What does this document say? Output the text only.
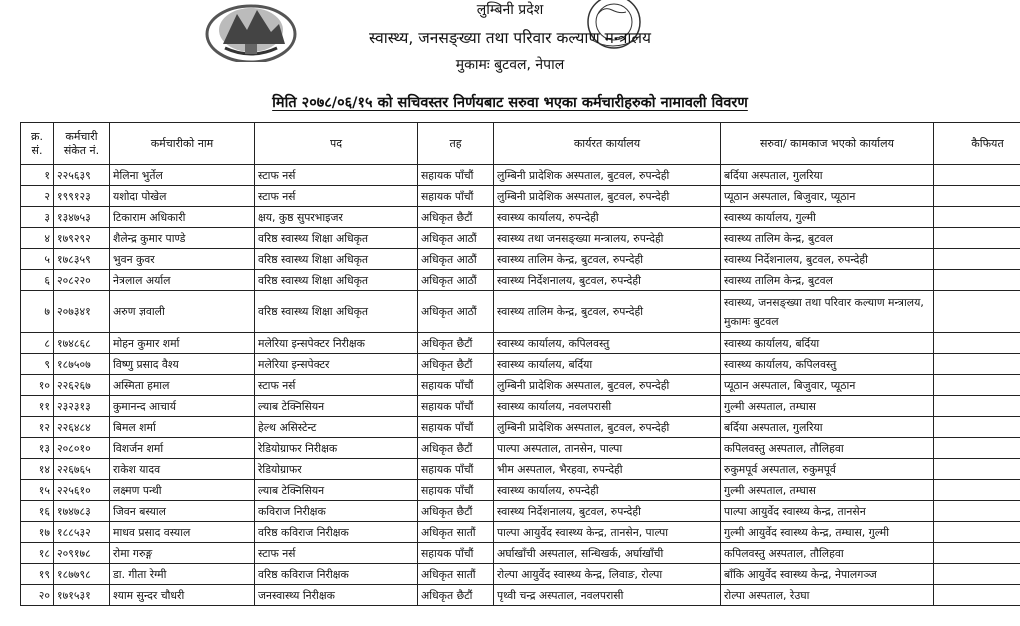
लुम्बिनी प्रदेश
स्वास्थ्य, जनसङ्ख्या तथा परिवार कल्याण मन्त्रालय
मुकामः बुटवल, नेपाल
मिति २०७८/०६/१५ को सचिवस्तर निर्णयबाट सरुवा भएका कर्मचारीहरुको नामावली विवरण
क्र. सं.	कर्मचारी संकेत नं.	कर्मचारीको नाम	पद	तह	कार्यरत कार्यालय	सरुवा/ कामकाज भएको कार्यालय	कैफियत
१	२२५६३९	मेलिना भुर्तेल	स्टाफ नर्स	सहायक पाँचौं	लुम्बिनी प्रादेशिक अस्पताल, बुटवल, रुपन्देही	बर्दिया अस्पताल, गुलरिया	
२	१९९१२३	यशोदा पोखेल	स्टाफ नर्स	सहायक पाँचौं	लुम्बिनी प्रादेशिक अस्पताल, बुटवल, रुपन्देही	प्यूठान अस्पताल, बिजुवार, प्यूठान	
३	१३४७५३	टिकाराम अधिकारी	क्षय, कुष्ठ सुपरभाइजर	अधिकृत छैटौं	स्वास्थ्य कार्यालय, रुपन्देही	स्वास्थ्य कार्यालय, गुल्मी	
४	१७९२९२	शैलेन्द्र कुमार पाण्डे	वरिष्ठ स्वास्थ्य शिक्षा अधिकृत	अधिकृत आठौं	स्वास्थ्य तथा जनसङ्ख्या मन्त्रालय, रुपन्देही	स्वास्थ्य तालिम केन्द्र, बुटवल	
५	१७८३५९	भुवन कुवर	वरिष्ठ स्वास्थ्य शिक्षा अधिकृत	अधिकृत आठौं	स्वास्थ्य तालिम केन्द्र, बुटवल, रुपन्देही	स्वास्थ्य निर्देशनालय, बुटवल, रुपन्देही	
६	२०८२२०	नेत्रलाल अर्याल	वरिष्ठ स्वास्थ्य शिक्षा अधिकृत	अधिकृत आठौं	स्वास्थ्य निर्देशनालय, बुटवल, रुपन्देही	स्वास्थ्य तालिम केन्द्र, बुटवल	
७	२०७३४१	अरुण ज्ञवाली	वरिष्ठ स्वास्थ्य शिक्षा अधिकृत	अधिकृत आठौं	स्वास्थ्य तालिम केन्द्र, बुटवल, रुपन्देही	स्वास्थ्य, जनसङ्ख्या तथा परिवार कल्याण मन्त्रालय, मुकामः बुटवल	
८	१७४८६८	मोहन कुमार शर्मा	मलेरिया इन्सपेक्टर निरीक्षक	अधिकृत छैटौं	स्वास्थ्य कार्यालय, कपिलवस्तु	स्वास्थ्य कार्यालय, बर्दिया	
९	१८७५०७	विष्णु प्रसाद वैश्य	मलेरिया इन्सपेक्टर	अधिकृत छैटौं	स्वास्थ्य कार्यालय, बर्दिया	स्वास्थ्य कार्यालय, कपिलवस्तु	
१०	२२६२६७	अस्मिता हमाल	स्टाफ नर्स	सहायक पाँचौं	लुम्बिनी प्रादेशिक अस्पताल, बुटवल, रुपन्देही	प्यूठान अस्पताल, बिजुवार, प्यूठान	
११	२३२३१३	कुमानन्द आचार्य	ल्याब टेक्निसियन	सहायक पाँचौं	स्वास्थ्य कार्यालय, नवलपरासी	गुल्मी अस्पताल, तम्घास	
१२	२२६४८४	बिमल शर्मा	हेल्थ असिस्टेन्ट	सहायक पाँचौं	लुम्बिनी प्रादेशिक अस्पताल, बुटवल, रुपन्देही	बर्दिया अस्पताल, गुलरिया	
१३	२०८०१०	विशर्जन शर्मा	रेडियोग्राफर निरीक्षक	अधिकृत छैटौं	पाल्पा अस्पताल, तानसेन, पाल्पा	कपिलवस्तु अस्पताल, तौलिहवा	
१४	२२६७६५	राकेश यादव	रेडियोग्राफर	सहायक पाँचौं	भीम अस्पताल, भैरहवा, रुपन्देही	रुकुमपूर्व अस्पताल, रुकुमपूर्व	
१५	२२५६१०	लक्ष्मण पन्थी	ल्याब टेक्निसियन	सहायक पाँचौं	स्वास्थ्य कार्यालय, रुपन्देही	गुल्मी अस्पताल, तम्घास	
१६	१७४७८३	जिवन बस्याल	कविराज निरीक्षक	अधिकृत छैटौं	स्वास्थ्य निर्देशनालय, बुटवल, रुपन्देही	पाल्पा आयुर्वेद स्वास्थ्य केन्द्र, तानसेन	
१७	१८८५३२	माधव प्रसाद वस्याल	वरिष्ठ कविराज निरीक्षक	अधिकृत सातौं	पाल्पा आयुर्वेद स्वास्थ्य केन्द्र, तानसेन, पाल्पा	गुल्मी आयुर्वेद स्वास्थ्य केन्द्र, तम्घास, गुल्मी	
१८	२०९१७८	रोमा गरुङ्ग	स्टाफ नर्स	सहायक पाँचौं	अर्घाखाँची अस्पताल, सन्धिखर्क, अर्घाखाँची	कपिलवस्तु अस्पताल, तौलिहवा	
१९	१८७७९८	डा. गीता रेग्मी	वरिष्ठ कविराज निरीक्षक	अधिकृत सातौं	रोल्पा आयुर्वेद स्वास्थ्य केन्द्र, लिवाङ, रोल्पा	बाँकि आयुर्वेद स्वास्थ्य केन्द्र, नेपालगञ्ज	
२०	१७१५३१	श्याम सुन्दर चौधरी	जनस्वास्थ्य निरीक्षक	अधिकृत छैटौं	पृथ्वी चन्द्र अस्पताल, नवलपरासी	रोल्पा अस्पताल, रेउघा	
